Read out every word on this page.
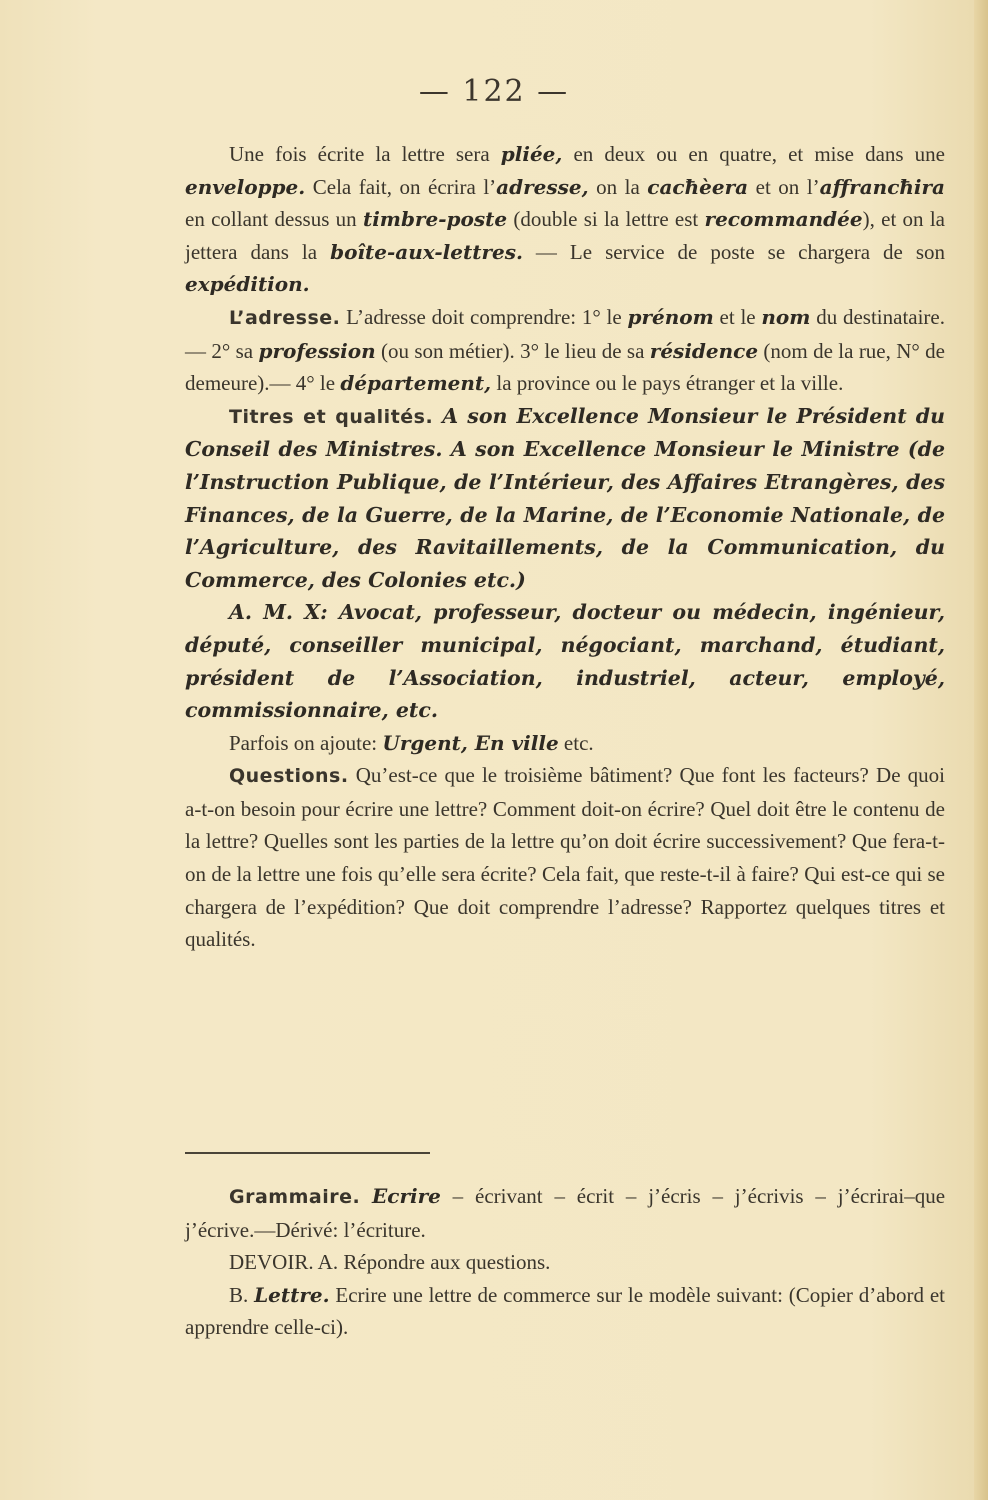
— 122 —

Une fois écrite la lettre sera pliée, en deux ou en quatre, et mise dans une enveloppe. Cela fait, on écrira l’adresse, on la cacħèera et on l’affrancħira en collant dessus un timbre-poste (double si la lettre est recommandée), et on la jettera dans la boîte-aux-lettres. — Le service de poste se chargera de son expédition.

L’adresse. L’adresse doit comprendre: 1° le prénom et le nom du destinataire.— 2° sa profession (ou son métier). 3° le lieu de sa résidence (nom de la rue, N° de demeure).— 4° le département, la province ou le pays étranger et la ville.

Titres et qualités. A son Excellence Monsieur le Président du Conseil des Ministres. A son Excellence Monsieur le Ministre (de l’Instruction Publique, de l’Intérieur, des Affaires Etrangères, des Finances, de la Guerre, de la Marine, de l’Economie Nationale, de l’Agriculture, des Ravitaillements, de la Communication, du Commerce, des Colonies etc.)

A. M. X: Avocat, professeur, docteur ou médecin, ingénieur, député, conseiller municipal, négociant, marchand, étudiant, président de l’Association, industriel, acteur, employé, commissionnaire, etc.

Parfois on ajoute: Urgent, En ville etc.

Questions. Qu’est-ce que le troisième bâtiment? Que font les facteurs? De quoi a-t-on besoin pour écrire une lettre? Comment doit-on écrire? Quel doit être le contenu de la lettre? Quelles sont les parties de la lettre qu’on doit écrire successivement? Que fera-t-on de la lettre une fois qu’elle sera écrite? Cela fait, que reste-t-il à faire? Qui est-ce qui se chargera de l’expédition? Que doit comprendre l’adresse? Rapportez quelques titres et qualités.

Grammaire. Ecrire – écrivant – écrit – j’écris – j’écrivis – j’écrirai–que j’écrive.—Dérivé: l’écriture.

DEVOIR. A. Répondre aux questions.

B. Lettre. Ecrire une lettre de commerce sur le modèle suivant: (Copier d’abord et apprendre celle-ci).
